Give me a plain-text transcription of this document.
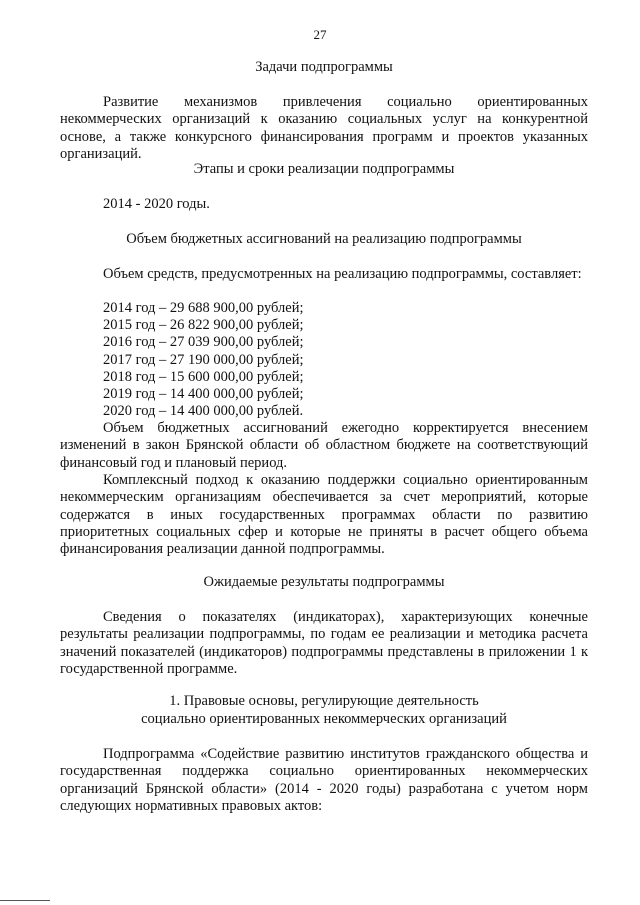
27
Задачи подпрограммы
Развитие механизмов привлечения социально ориентированных некоммерческих организаций к оказанию социальных услуг на конкурентной основе, а также конкурсного финансирования программ и проектов указанных организаций.
Этапы и сроки реализации подпрограммы
2014 - 2020 годы.
Объем бюджетных ассигнований на реализацию подпрограммы
Объем средств, предусмотренных на реализацию подпрограммы, составляет:
2014 год – 29 688 900,00 рублей;
2015 год – 26 822 900,00 рублей;
2016 год – 27 039 900,00 рублей;
2017 год – 27 190 000,00 рублей;
2018 год – 15 600 000,00 рублей;
2019 год – 14 400 000,00 рублей;
2020 год – 14 400 000,00 рублей.
Объем бюджетных ассигнований ежегодно корректируется внесением изменений в закон Брянской области об областном бюджете на соответствующий финансовый год и плановый период.
Комплексный подход к оказанию поддержки социально ориентированным некоммерческим организациям обеспечивается за счет мероприятий, которые содержатся в иных государственных программах области по развитию приоритетных социальных сфер и которые не приняты в расчет общего объема финансирования реализации данной подпрограммы.
Ожидаемые результаты подпрограммы
Сведения о показателях (индикаторах), характеризующих конечные результаты реализации подпрограммы, по годам ее реализации и методика расчета значений показателей (индикаторов) подпрограммы представлены в приложении 1 к государственной программе.
1. Правовые основы, регулирующие деятельность
социально ориентированных некоммерческих организаций
Подпрограмма «Содействие развитию институтов гражданского общества и государственная поддержка социально ориентированных некоммерческих организаций Брянской области» (2014 - 2020 годы) разработана с учетом норм следующих нормативных правовых актов:
